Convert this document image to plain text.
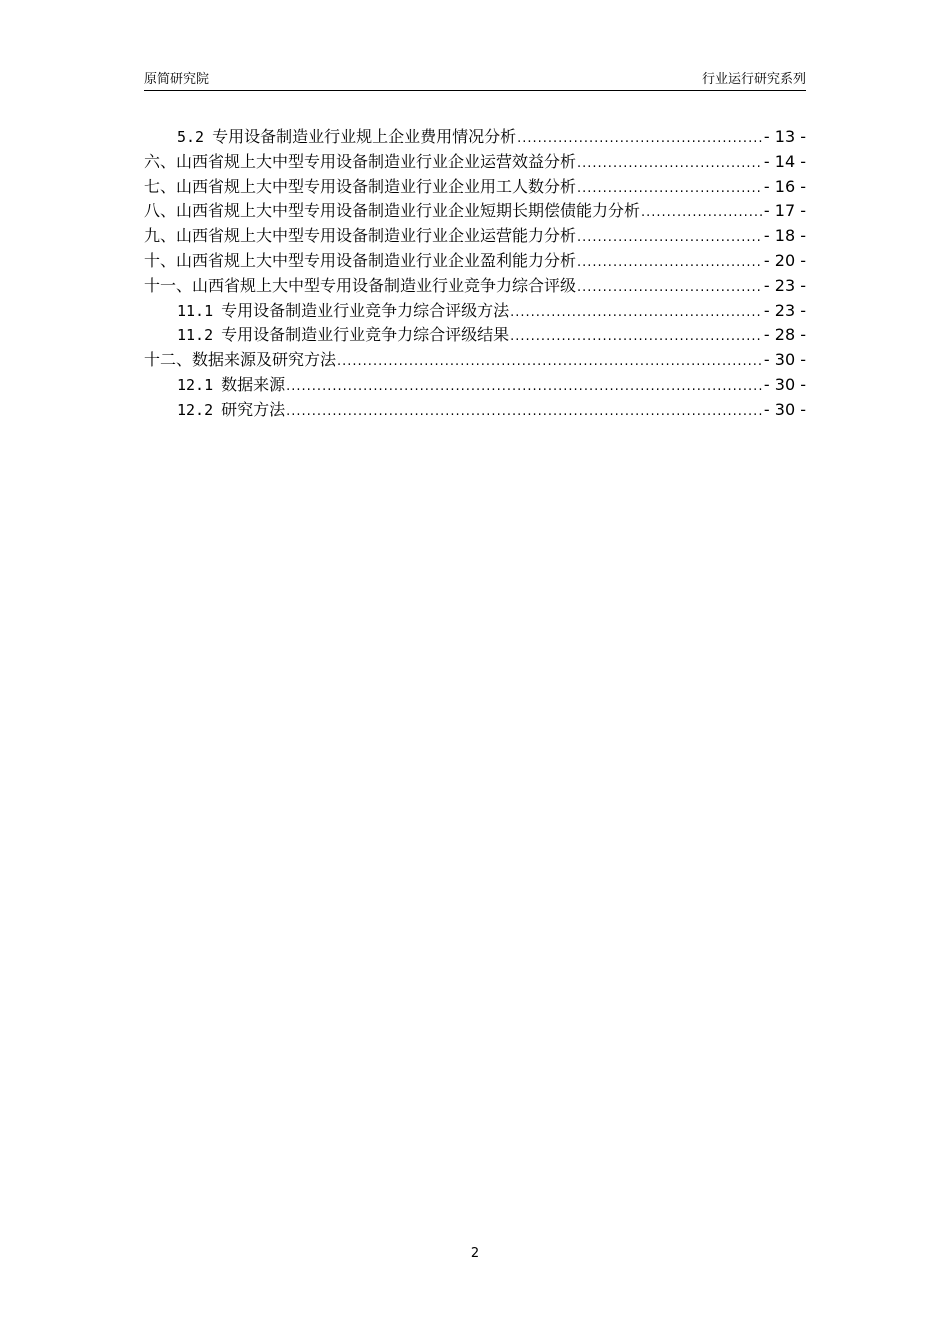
原简研究院	行业运行研究系列
5.2 专用设备制造业行业规上企业费用情况分析 .....	- 13 -
六、山西省规上大中型专用设备制造业行业企业运营效益分析 .....	- 14 -
七、山西省规上大中型专用设备制造业行业企业用工人数分析 .....	- 16 -
八、山西省规上大中型专用设备制造业行业企业短期长期偿债能力分析 .....	- 17 -
九、山西省规上大中型专用设备制造业行业企业运营能力分析 .....	- 18 -
十、山西省规上大中型专用设备制造业行业企业盈利能力分析 .....	- 20 -
十一、山西省规上大中型专用设备制造业行业竞争力综合评级 .....	- 23 -
11.1 专用设备制造业行业竞争力综合评级方法 .....	- 23 -
11.2 专用设备制造业行业竞争力综合评级结果 .....	- 28 -
十二、数据来源及研究方法 .....	- 30 -
12.1 数据来源 .....	- 30 -
12.2 研究方法 .....	- 30 -
2
